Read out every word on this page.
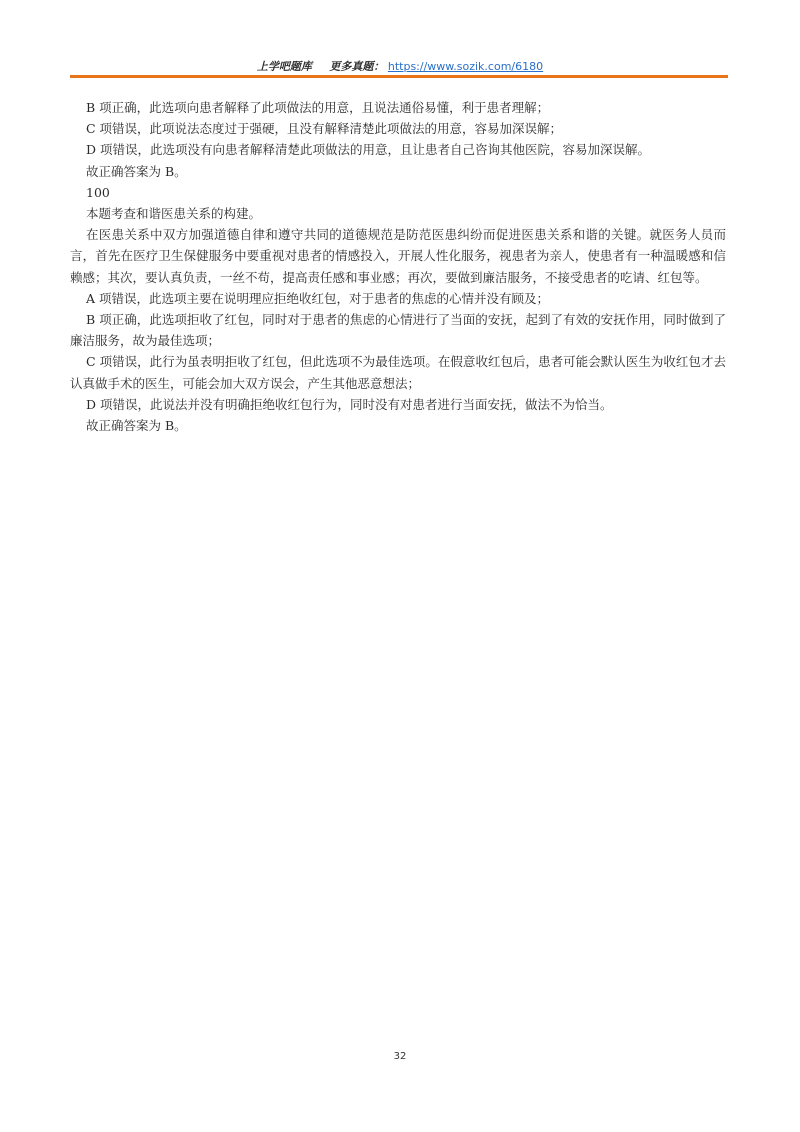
上学吧题库 更多真题： https://www.sozik.com/6180

B 项正确，此选项向患者解释了此项做法的用意，且说法通俗易懂，利于患者理解；

C 项错误，此项说法态度过于强硬，且没有解释清楚此项做法的用意，容易加深误解；

D 项错误，此选项没有向患者解释清楚此项做法的用意，且让患者自己咨询其他医院，容易加深误解。

故正确答案为 B。

100

本题考查和谐医患关系的构建。

在医患关系中双方加强道德自律和遵守共同的道德规范是防范医患纠纷而促进医患关系和谐的关键。就医务人员而言，首先在医疗卫生保健服务中要重视对患者的情感投入，开展人性化服务，视患者为亲人，使患者有一种温暖感和信赖感；其次，要认真负责，一丝不苟，提高责任感和事业感；再次，要做到廉洁服务，不接受患者的吃请、红包等。

A 项错误，此选项主要在说明理应拒绝收红包，对于患者的焦虑的心情并没有顾及；

B 项正确，此选项拒收了红包，同时对于患者的焦虑的心情进行了当面的安抚，起到了有效的安抚作用，同时做到了廉洁服务，故为最佳选项；

C 项错误，此行为虽表明拒收了红包，但此选项不为最佳选项。在假意收红包后，患者可能会默认医生为收红包才去认真做手术的医生，可能会加大双方误会，产生其他恶意想法；

D 项错误，此说法并没有明确拒绝收红包行为，同时没有对患者进行当面安抚，做法不为恰当。

故正确答案为 B。

32
